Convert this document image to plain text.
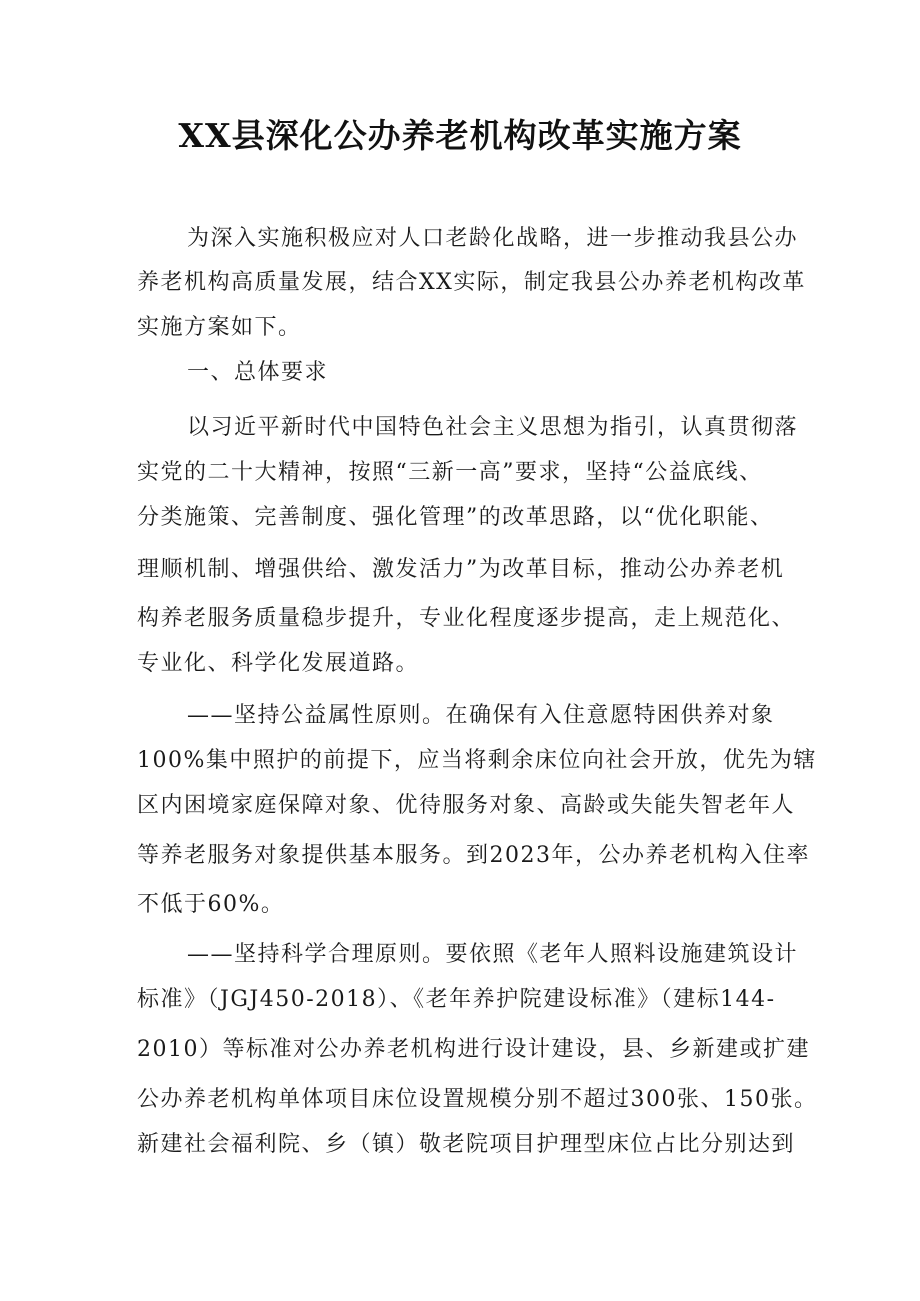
XX县深化公办养老机构改革实施方案
为深入实施积极应对人口老龄化战略，进一步推动我县公办
养老机构高质量发展，结合XX实际，制定我县公办养老机构改革
实施方案如下。
一、总体要求
以习近平新时代中国特色社会主义思想为指引，认真贯彻落
实党的二十大精神，按照“三新一高”要求，坚持“公益底线、
分类施策、完善制度、强化管理”的改革思路，以“优化职能、
理顺机制、增强供给、激发活力”为改革目标，推动公办养老机
构养老服务质量稳步提升，专业化程度逐步提高，走上规范化、
专业化、科学化发展道路。
——坚持公益属性原则。在确保有入住意愿特困供养对象
100%集中照护的前提下，应当将剩余床位向社会开放，优先为辖
区内困境家庭保障对象、优待服务对象、高龄或失能失智老年人
等养老服务对象提供基本服务。到2023年，公办养老机构入住率
不低于60%。
——坚持科学合理原则。要依照《老年人照料设施建筑设计
标准》（JGJ450-2018）、《老年养护院建设标准》（建标144-
2010）等标准对公办养老机构进行设计建设，县、乡新建或扩建
公办养老机构单体项目床位设置规模分别不超过300张、150张。
新建社会福利院、乡（镇）敬老院项目护理型床位占比分别达到
